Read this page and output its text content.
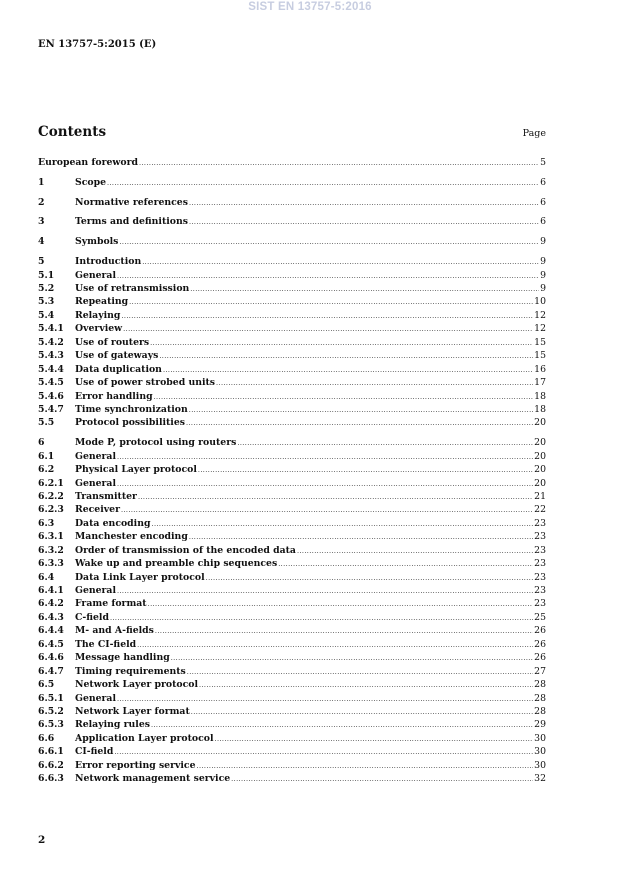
SIST EN 13757-5:2016
EN 13757-5:2015 (E)
Contents	Page
European foreword .....	5
1	Scope .....	6
2	Normative references .....	6
3	Terms and definitions .....	6
4	Symbols .....	9
5	Introduction .....	9
5.1	General .....	9
5.2	Use of retransmission .....	9
5.3	Repeating .....	10
5.4	Relaying .....	12
5.4.1	Overview .....	12
5.4.2	Use of routers .....	15
5.4.3	Use of gateways .....	15
5.4.4	Data duplication .....	16
5.4.5	Use of power strobed units .....	17
5.4.6	Error handling .....	18
5.4.7	Time synchronization .....	18
5.5	Protocol possibilities .....	20
6	Mode P, protocol using routers .....	20
6.1	General .....	20
6.2	Physical Layer protocol .....	20
6.2.1	General .....	20
6.2.2	Transmitter .....	21
6.2.3	Receiver .....	22
6.3	Data encoding .....	23
6.3.1	Manchester encoding .....	23
6.3.2	Order of transmission of the encoded data .....	23
6.3.3	Wake up and preamble chip sequences .....	23
6.4	Data Link Layer protocol .....	23
6.4.1	General .....	23
6.4.2	Frame format .....	23
6.4.3	C-field .....	25
6.4.4	M- and A-fields .....	26
6.4.5	The CI-field .....	26
6.4.6	Message handling .....	26
6.4.7	Timing requirements .....	27
6.5	Network Layer protocol .....	28
6.5.1	General .....	28
6.5.2	Network Layer format .....	28
6.5.3	Relaying rules .....	29
6.6	Application Layer protocol .....	30
6.6.1	CI-field .....	30
6.6.2	Error reporting service .....	30
6.6.3	Network management service .....	32
2
